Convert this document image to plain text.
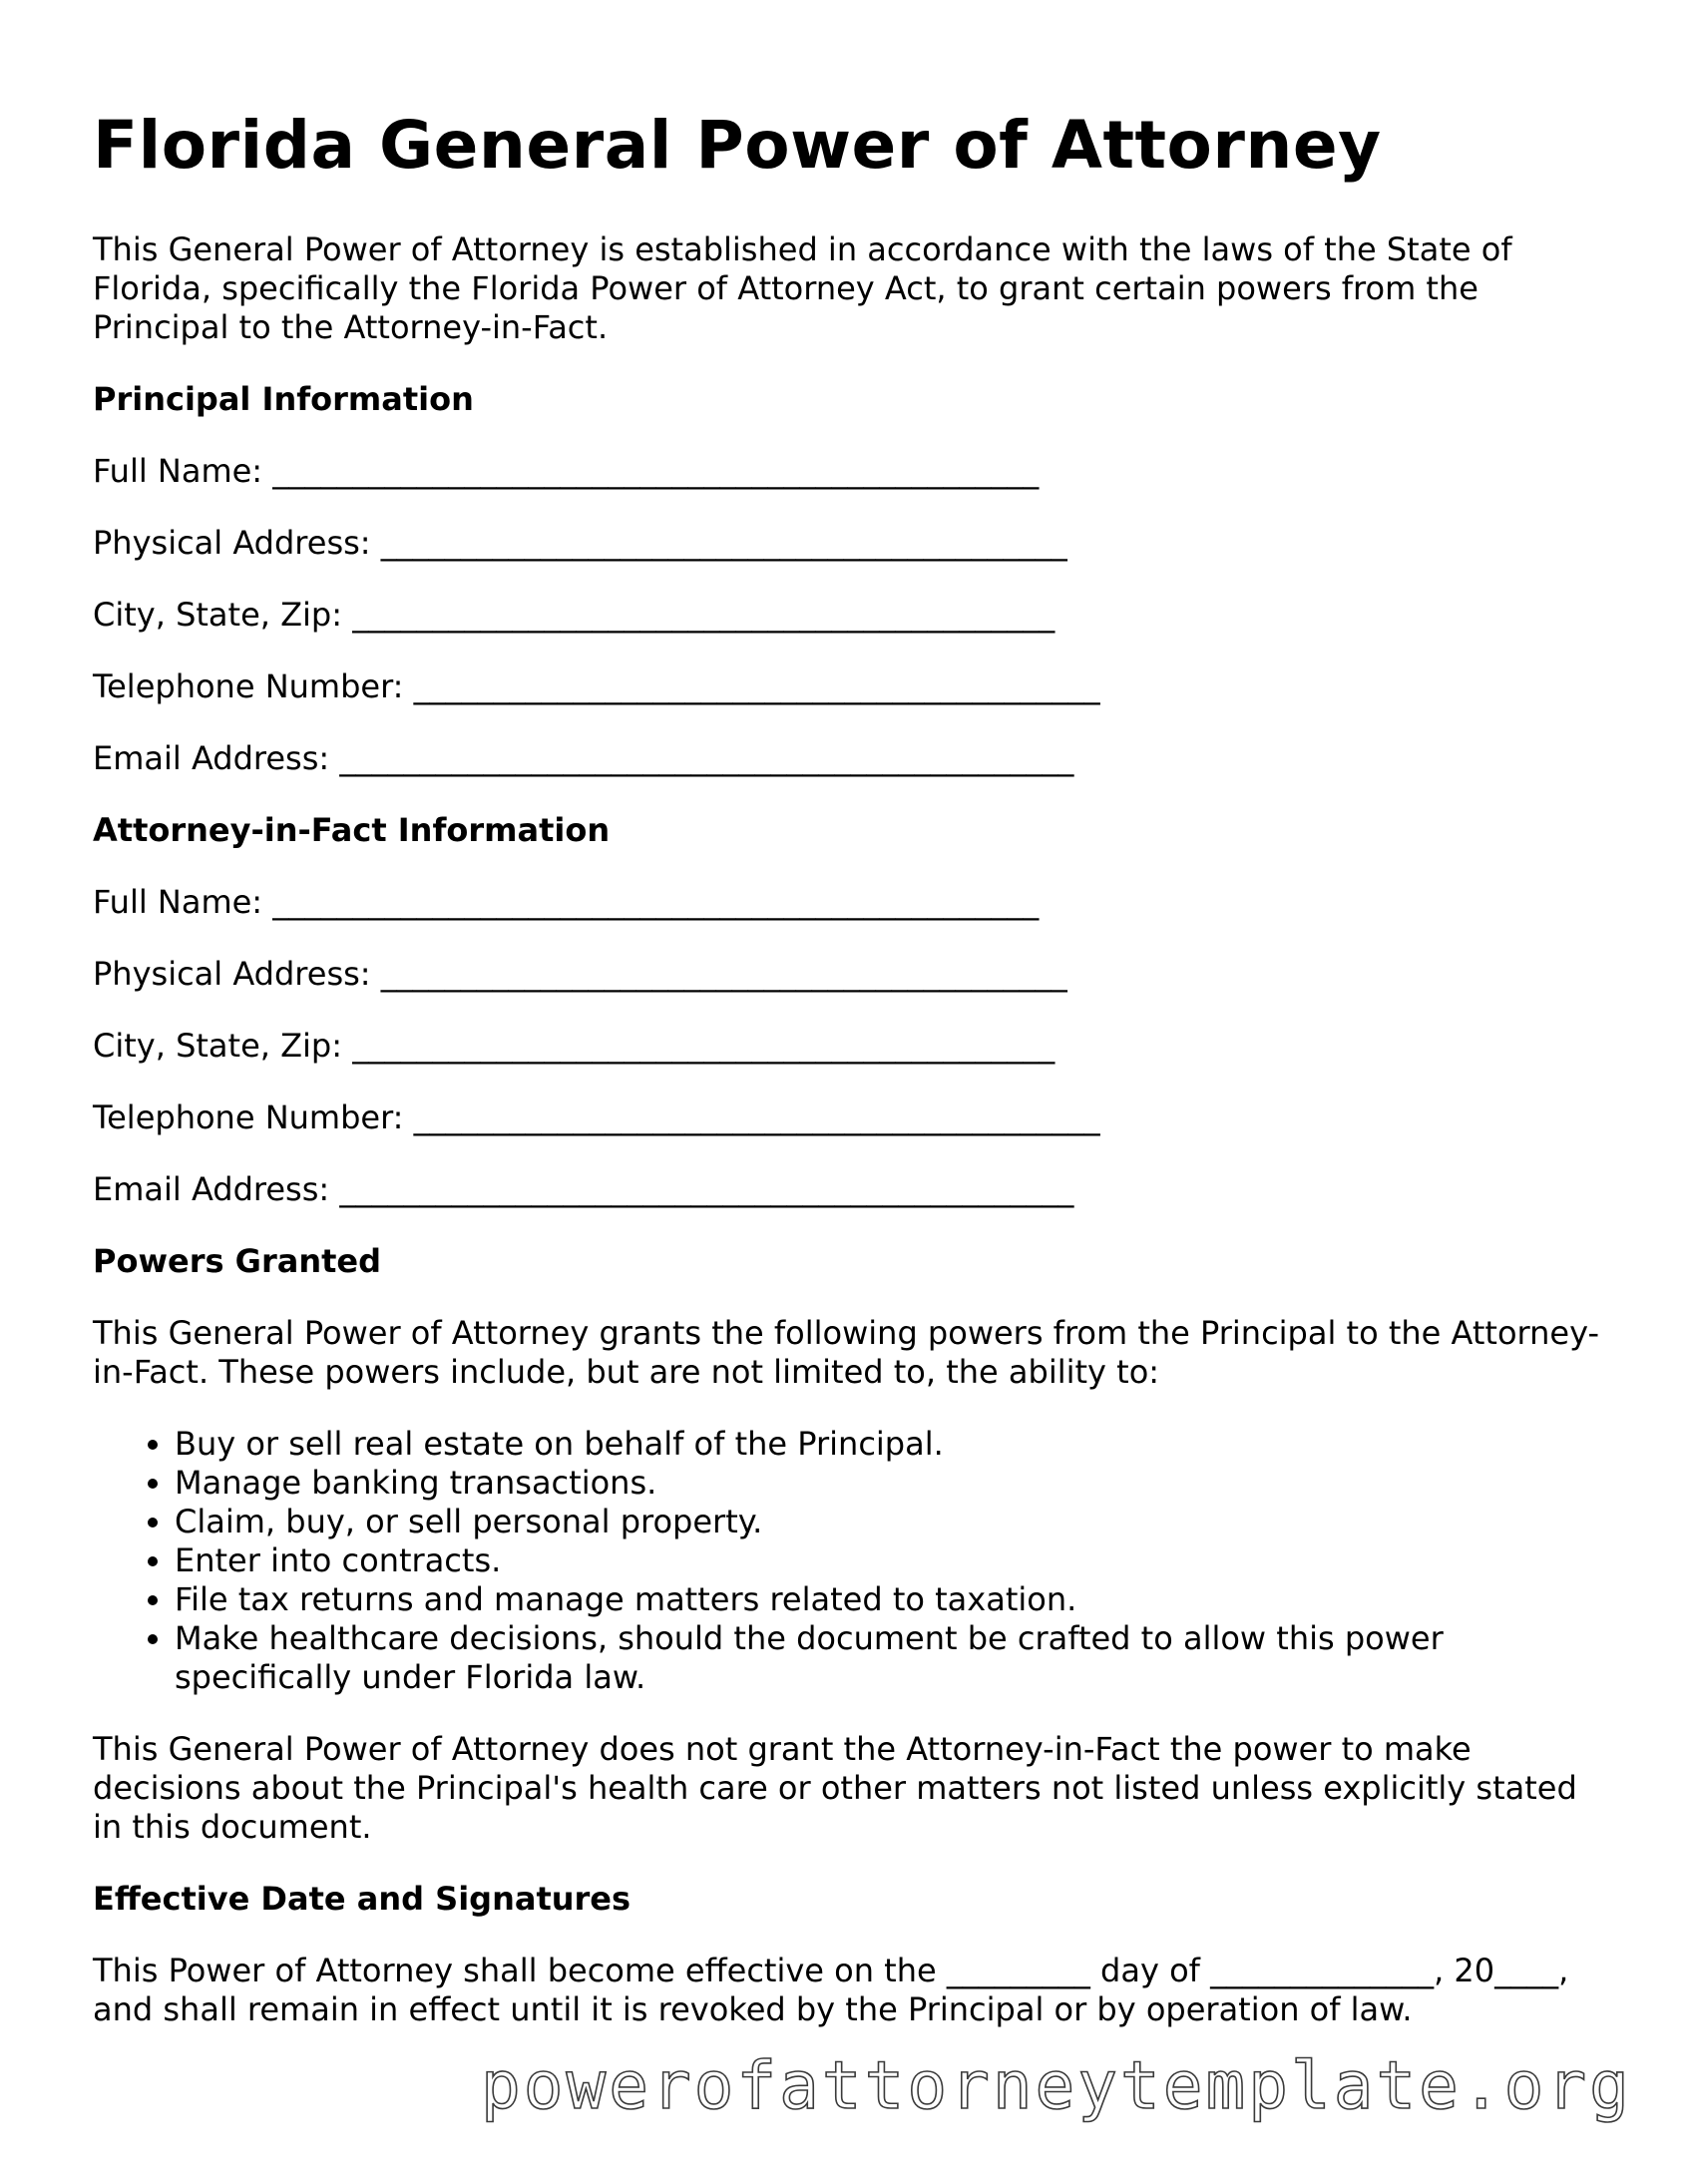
Florida General Power of Attorney

This General Power of Attorney is established in accordance with the laws of the State of Florida, specifically the Florida Power of Attorney Act, to grant certain powers from the Principal to the Attorney-in-Fact.

Principal Information
Full Name: ________________________________________________
Physical Address: ___________________________________________
City, State, Zip: ____________________________________________
Telephone Number: ___________________________________________
Email Address: ______________________________________________
Attorney-in-Fact Information
Full Name: ________________________________________________
Physical Address: ___________________________________________
City, State, Zip: ____________________________________________
Telephone Number: ___________________________________________
Email Address: ______________________________________________
Powers Granted

This General Power of Attorney grants the following powers from the Principal to the Attorney-in-Fact. These powers include, but are not limited to, the ability to:

• Buy or sell real estate on behalf of the Principal.
• Manage banking transactions.
• Claim, buy, or sell personal property.
• Enter into contracts.
• File tax returns and manage matters related to taxation.
• Make healthcare decisions, should the document be crafted to allow this power specifically under Florida law.

This General Power of Attorney does not grant the Attorney-in-Fact the power to make decisions about the Principal's health care or other matters not listed unless explicitly stated in this document.

Effective Date and Signatures

This Power of Attorney shall become effective on the _________ day of ______________, 20____, and shall remain in effect until it is revoked by the Principal or by operation of law.

powerofattorneytemplate.org
